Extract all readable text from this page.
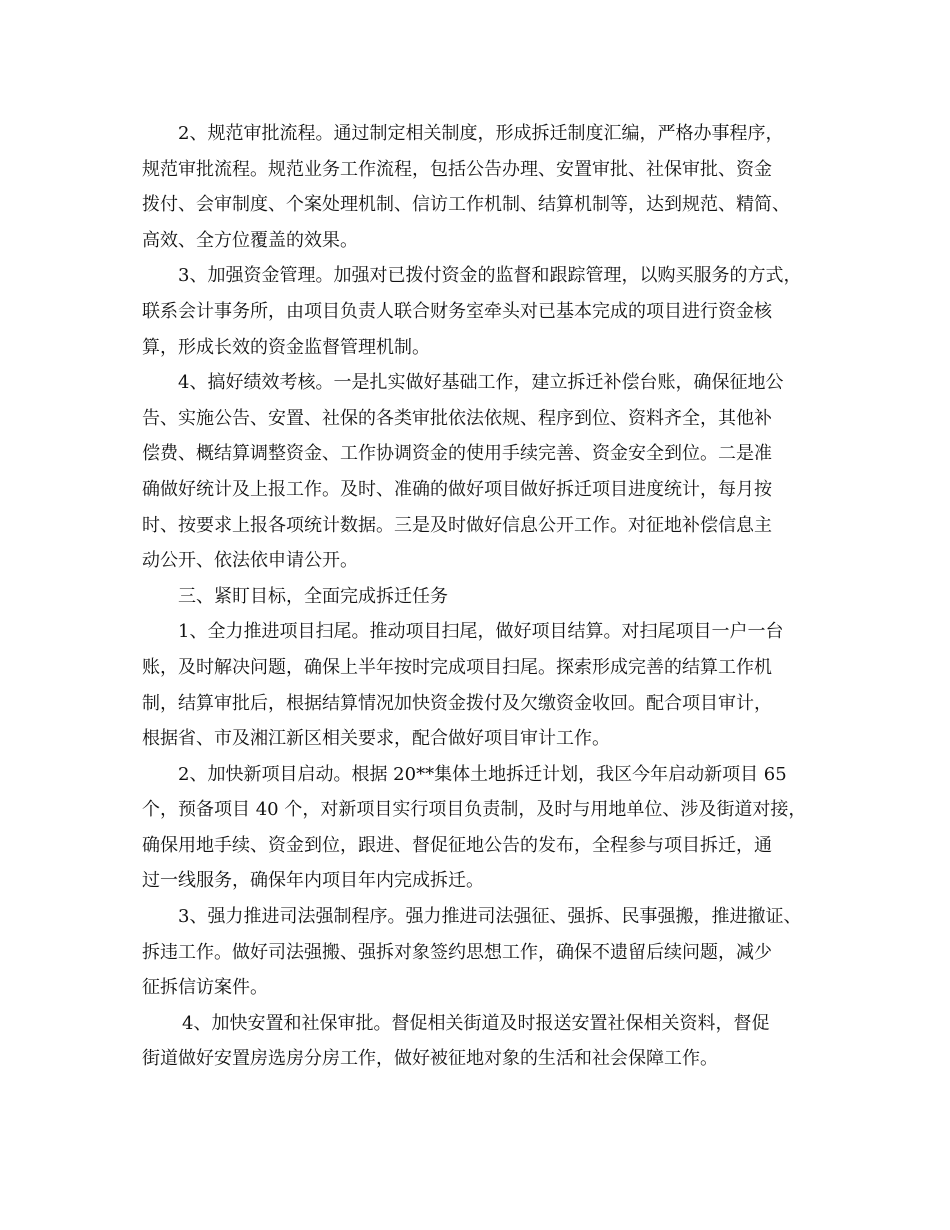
2、规范审批流程。通过制定相关制度，形成拆迁制度汇编，严格办事程序，
规范审批流程。规范业务工作流程，包括公告办理、安置审批、社保审批、资金
拨付、会审制度、个案处理机制、信访工作机制、结算机制等，达到规范、精简、
高效、全方位覆盖的效果。
3、加强资金管理。加强对已拨付资金的监督和跟踪管理，以购买服务的方式，
联系会计事务所，由项目负责人联合财务室牵头对已基本完成的项目进行资金核
算，形成长效的资金监督管理机制。
4、搞好绩效考核。一是扎实做好基础工作，建立拆迁补偿台账，确保征地公
告、实施公告、安置、社保的各类审批依法依规、程序到位、资料齐全，其他补
偿费、概结算调整资金、工作协调资金的使用手续完善、资金安全到位。二是准
确做好统计及上报工作。及时、准确的做好项目做好拆迁项目进度统计，每月按
时、按要求上报各项统计数据。三是及时做好信息公开工作。对征地补偿信息主
动公开、依法依申请公开。
三、紧盯目标，全面完成拆迁任务
1、全力推进项目扫尾。推动项目扫尾，做好项目结算。对扫尾项目一户一台
账，及时解决问题，确保上半年按时完成项目扫尾。探索形成完善的结算工作机
制，结算审批后，根据结算情况加快资金拨付及欠缴资金收回。配合项目审计，
根据省、市及湘江新区相关要求，配合做好项目审计工作。
2、加快新项目启动。根据 20**集体土地拆迁计划，我区今年启动新项目 65
个，预备项目 40 个，对新项目实行项目负责制，及时与用地单位、涉及街道对接，
确保用地手续、资金到位，跟进、督促征地公告的发布，全程参与项目拆迁，通
过一线服务，确保年内项目年内完成拆迁。
3、强力推进司法强制程序。强力推进司法强征、强拆、民事强搬，推进撤证、
拆违工作。做好司法强搬、强拆对象签约思想工作，确保不遗留后续问题，减少
征拆信访案件。
4、加快安置和社保审批。督促相关街道及时报送安置社保相关资料，督促
街道做好安置房选房分房工作，做好被征地对象的生活和社会保障工作。
